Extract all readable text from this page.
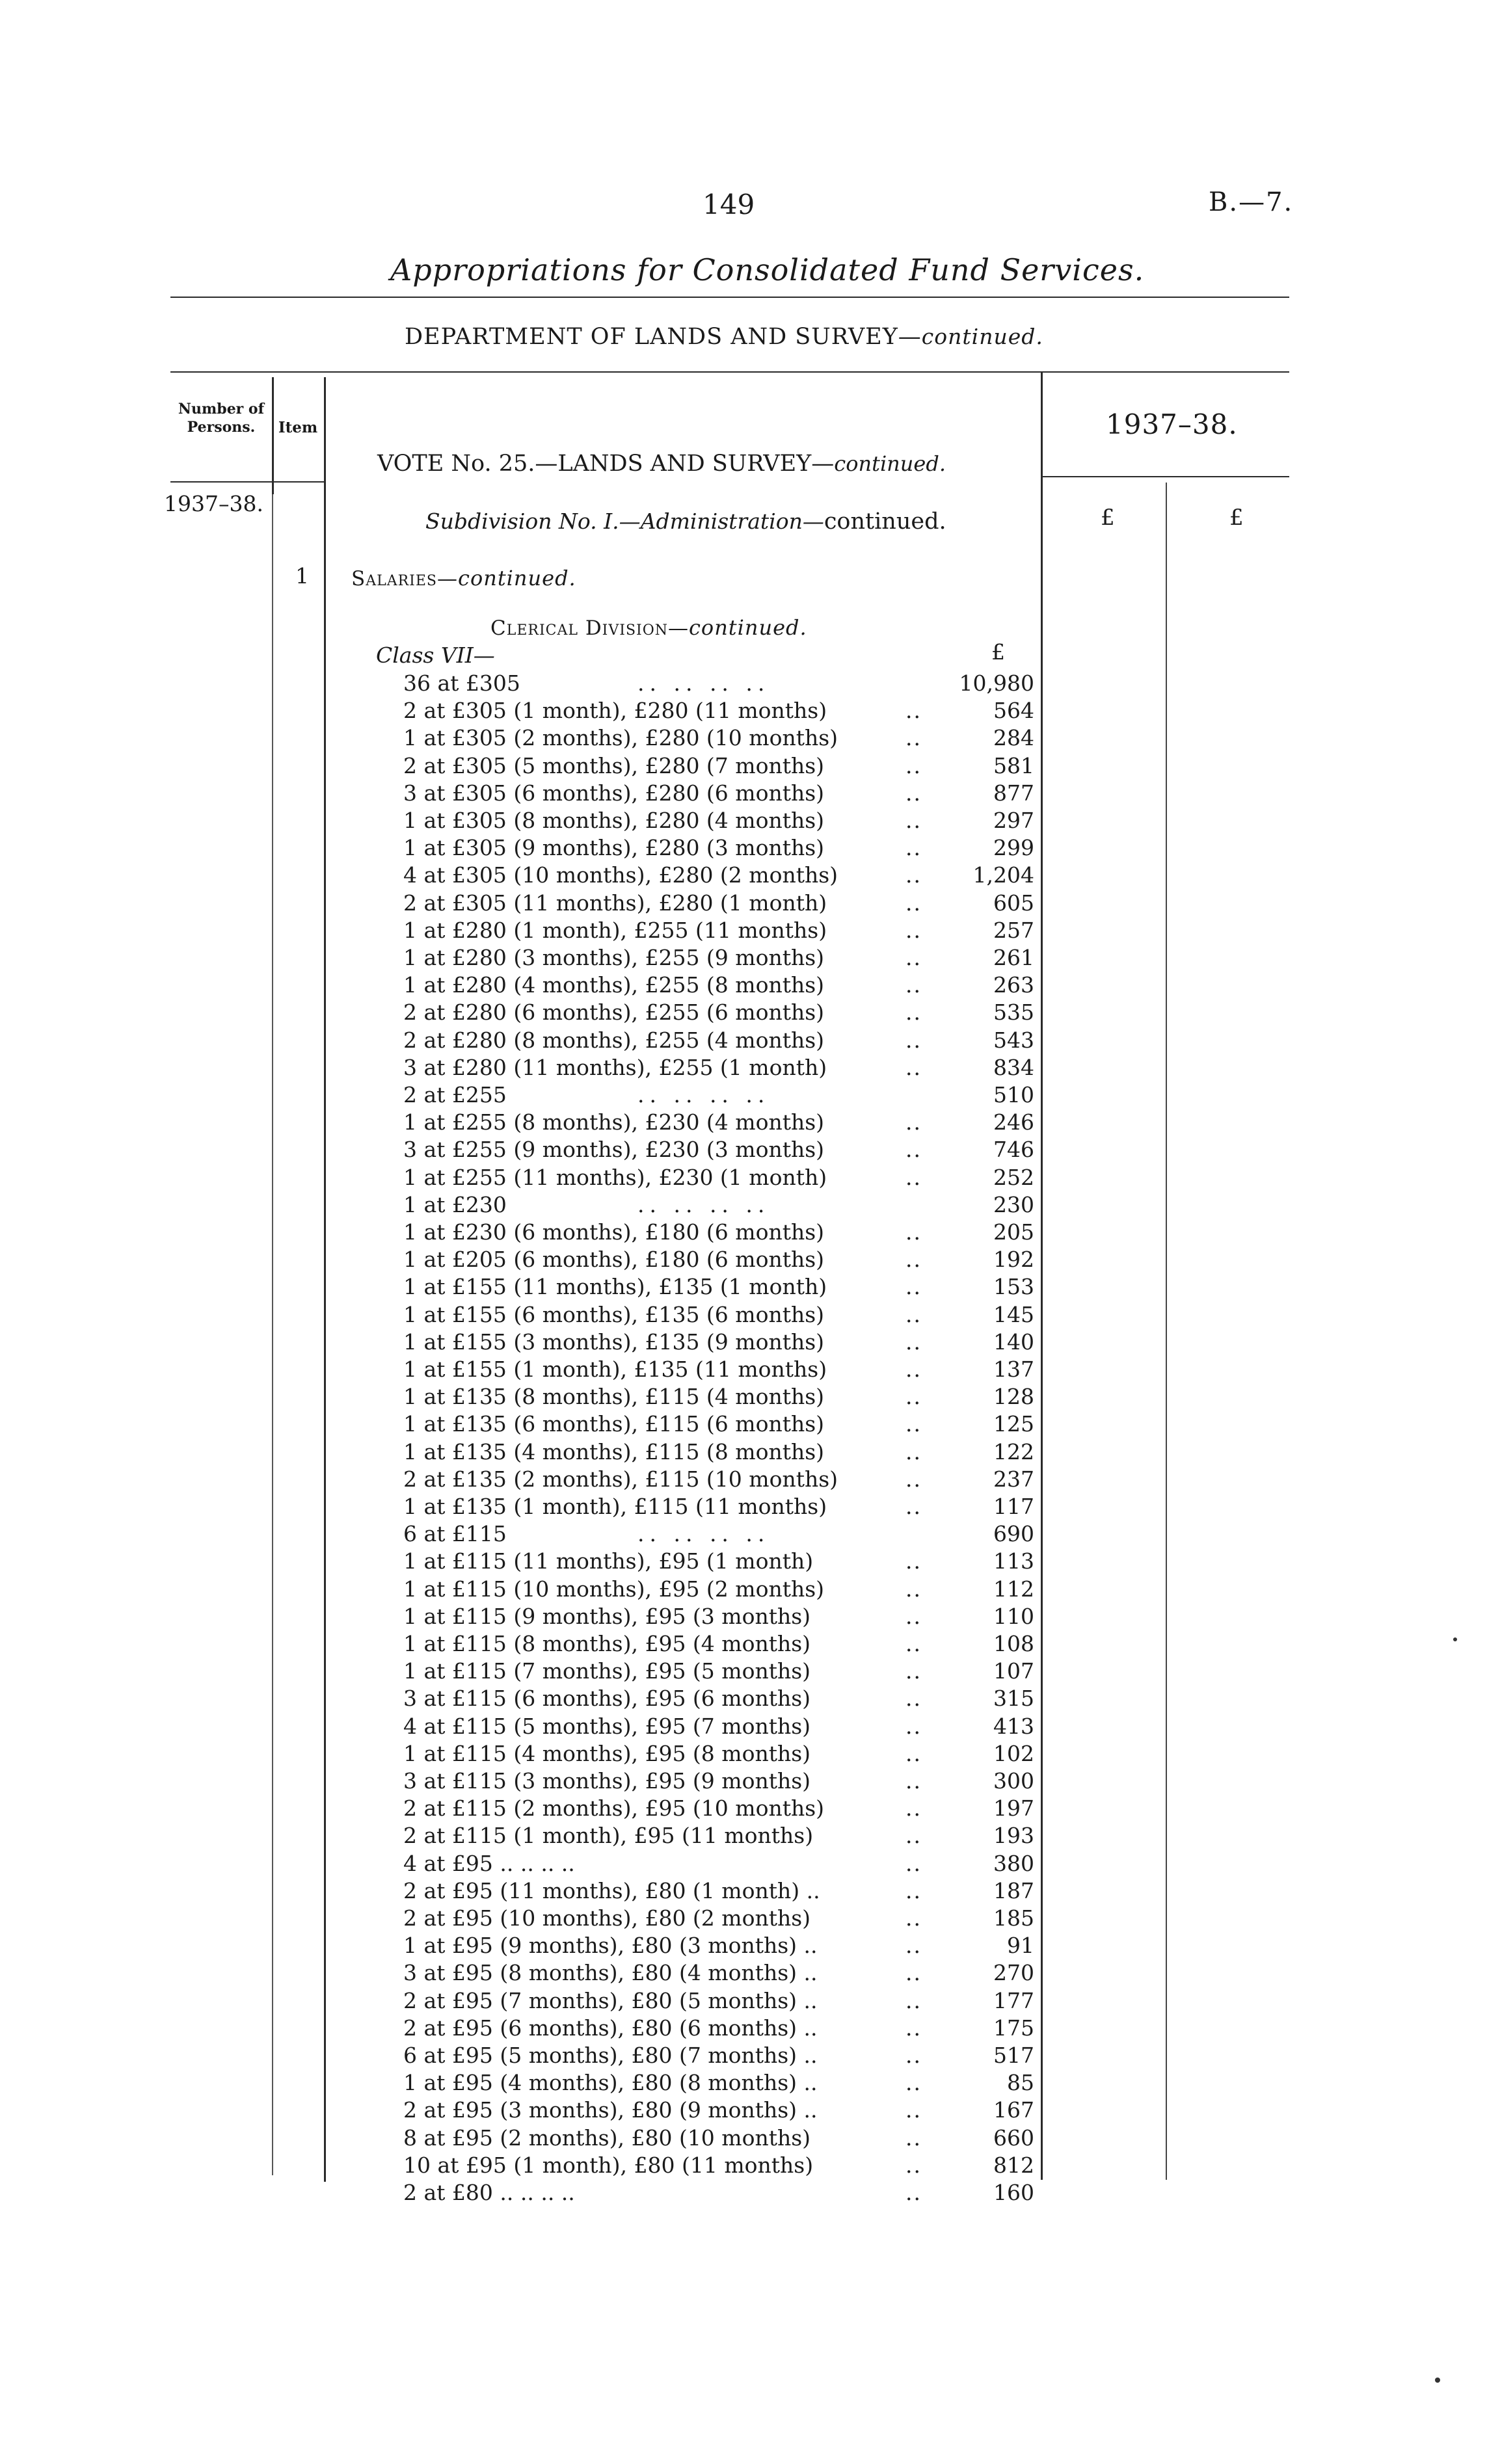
149	B.—7.
Appropriations for Consolidated Fund Services.
DEPARTMENT OF LANDS AND SURVEY—continued.
Number of Persons.	Item
1937–38.
1937–38.
£	£
VOTE No. 25.—LANDS AND SURVEY—continued.
Subdivision No. I.—Administration—continued.
1 Salaries—continued.
Clerical Division—continued.
Class VII—	£
36 at £305	.. .. .. ..	10,980
2 at £305 (1 month), £280 (11 months)	..	564
1 at £305 (2 months), £280 (10 months)	..	284
2 at £305 (5 months), £280 (7 months)	..	581
3 at £305 (6 months), £280 (6 months)	..	877
1 at £305 (8 months), £280 (4 months)	..	297
1 at £305 (9 months), £280 (3 months)	..	299
4 at £305 (10 months), £280 (2 months)	.. 1,204
2 at £305 (11 months), £280 (1 month)	..	605
1 at £280 (1 month), £255 (11 months)	..	257
1 at £280 (3 months), £255 (9 months)	..	261
1 at £280 (4 months), £255 (8 months)	..	263
2 at £280 (6 months), £255 (6 months)	..	535
2 at £280 (8 months), £255 (4 months)	..	543
3 at £280 (11 months), £255 (1 month)	..	834
2 at £255	.. .. .. ..	510
1 at £255 (8 months), £230 (4 months)	..	246
3 at £255 (9 months), £230 (3 months)	..	746
1 at £255 (11 months), £230 (1 month)	..	252
1 at £230	.. .. .. ..	230
1 at £230 (6 months), £180 (6 months)	..	205
1 at £205 (6 months), £180 (6 months)	..	192
1 at £155 (11 months), £135 (1 month)	..	153
1 at £155 (6 months), £135 (6 months)	..	145
1 at £155 (3 months), £135 (9 months)	..	140
1 at £155 (1 month), £135 (11 months)	..	137
1 at £135 (8 months), £115 (4 months)	..	128
1 at £135 (6 months), £115 (6 months)	..	125
1 at £135 (4 months), £115 (8 months)	..	122
2 at £135 (2 months), £115 (10 months)	..	237
1 at £135 (1 month), £115 (11 months)	..	117
6 at £115	.. .. .. ..	690
1 at £115 (11 months), £95 (1 month)	..	113
1 at £115 (10 months), £95 (2 months)	..	112
1 at £115 (9 months), £95 (3 months)	..	110
1 at £115 (8 months), £95 (4 months)	..	108
1 at £115 (7 months), £95 (5 months)	..	107
3 at £115 (6 months), £95 (6 months)	..	315
4 at £115 (5 months), £95 (7 months)	..	413
1 at £115 (4 months), £95 (8 months)	..	102
3 at £115 (3 months), £95 (9 months)	..	300
2 at £115 (2 months), £95 (10 months)	..	197
2 at £115 (1 month), £95 (11 months)	..	193
4 at £95 .. .. .. ..	..	380
2 at £95 (11 months), £80 (1 month) ..	..	187
2 at £95 (10 months), £80 (2 months)	..	185
1 at £95 (9 months), £80 (3 months) ..	..	91
3 at £95 (8 months), £80 (4 months) ..	..	270
2 at £95 (7 months), £80 (5 months) ..	..	177
2 at £95 (6 months), £80 (6 months) ..	..	175
6 at £95 (5 months), £80 (7 months) ..	..	517
1 at £95 (4 months), £80 (8 months) ..	..	85
2 at £95 (3 months), £80 (9 months) ..	..	167
8 at £95 (2 months), £80 (10 months)	..	660
10 at £95 (1 month), £80 (11 months)	..	812
2 at £80 .. .. .. ..	..	160
